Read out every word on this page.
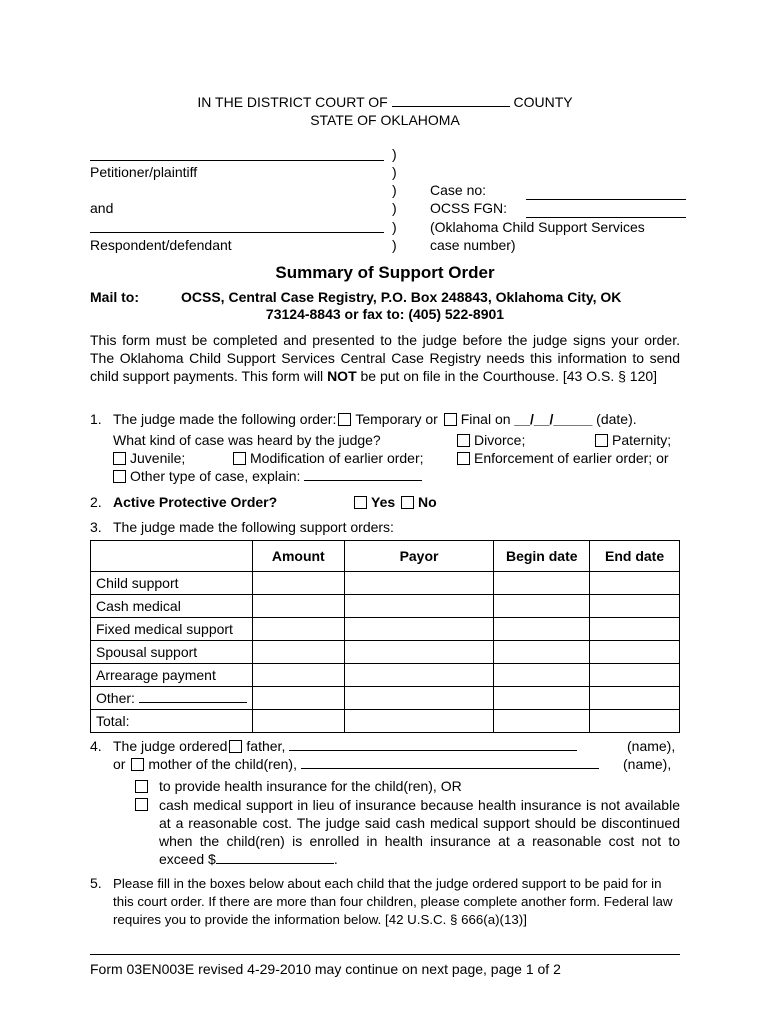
IN THE DISTRICT COURT OF	COUNTY
STATE OF OKLAHOMA
Petitioner/plaintiff
and
Respondent/defendant
)
)
)
)
)
)
Case no:
OCSS FGN:
(Oklahoma Child Support Services
case number)
Summary of Support Order
Mail to:	OCSS, Central Case Registry, P.O. Box 248843, Oklahoma City, OK
73124-8843 or fax to: (405) 522-8901
This form must be completed and presented to the judge before the judge signs your order. The Oklahoma Child Support Services Central Case Registry needs this information to send child support payments. This form will NOT be put on file in the Courthouse. [43 O.S. § 120]
1. The judge made the following order: Temporary or Final on __/__/_____ (date).
What kind of case was heard by the judge?	Divorce;	Paternity;
Juvenile;	Modification of earlier order;	Enforcement of earlier order; or
Other type of case, explain:
2. Active Protective Order?	Yes No
3. The judge made the following support orders:
	Amount	Payor	Begin date	End date
Child support				
Cash medical				
Fixed medical support				
Spousal support				
Arrearage payment				
Other:				
Total:				
4. The judge ordered father,	(name),
or mother of the child(ren),	(name),
to provide health insurance for the child(ren), OR
cash medical support in lieu of insurance because health insurance is not available at a reasonable cost. The judge said cash medical support should be discontinued when the child(ren) is enrolled in health insurance at a reasonable cost not to exceed $	.
5. Please fill in the boxes below about each child that the judge ordered support to be paid for in this court order. If there are more than four children, please complete another form. Federal law requires you to provide the information below. [42 U.S.C. § 666(a)(13)]
Form 03EN003E revised 4-29-2010 may continue on next page, page 1 of 2
